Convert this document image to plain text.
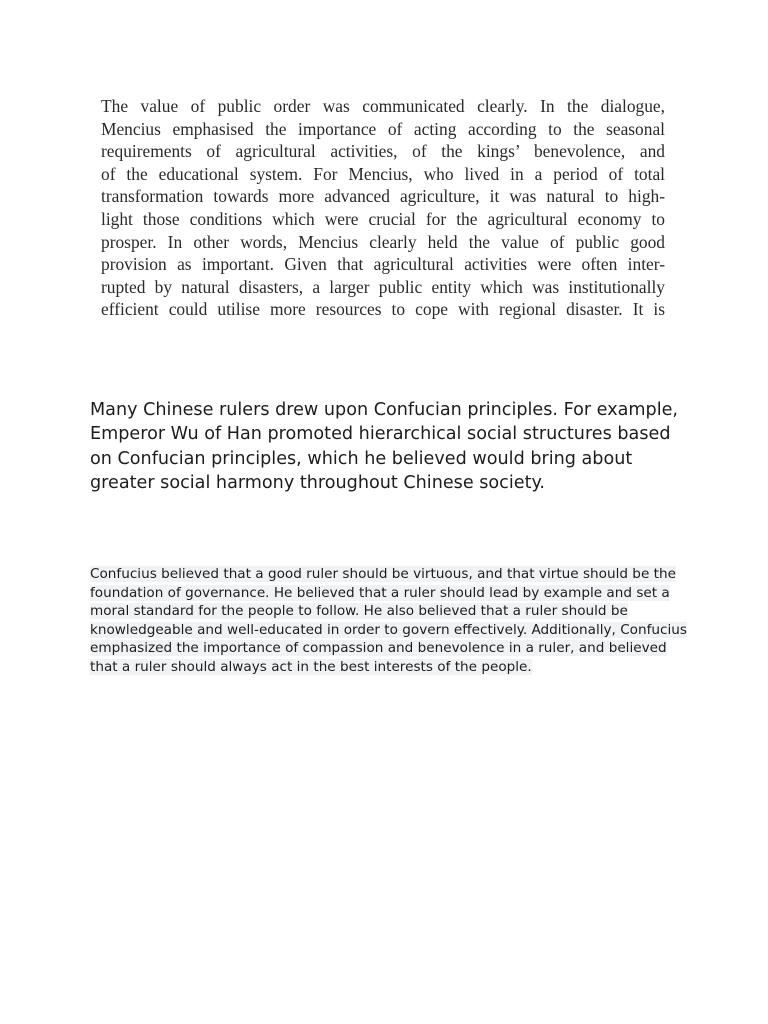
The value of public order was communicated clearly. In the dialogue,
Mencius emphasised the importance of acting according to the seasonal
requirements of agricultural activities, of the kings’ benevolence, and
of the educational system. For Mencius, who lived in a period of total
transformation towards more advanced agriculture, it was natural to high-
light those conditions which were crucial for the agricultural economy to
prosper. In other words, Mencius clearly held the value of public good
provision as important. Given that agricultural activities were often inter-
rupted by natural disasters, a larger public entity which was institutionally
efficient could utilise more resources to cope with regional disaster. It is

Many Chinese rulers drew upon Confucian principles. For example, Emperor Wu of Han promoted hierarchical social structures based on Confucian principles, which he believed would bring about greater social harmony throughout Chinese society.

Confucius believed that a good ruler should be virtuous, and that virtue should be the foundation of governance. He believed that a ruler should lead by example and set a moral standard for the people to follow. He also believed that a ruler should be knowledgeable and well-educated in order to govern effectively. Additionally, Confucius emphasized the importance of compassion and benevolence in a ruler, and believed that a ruler should always act in the best interests of the people.
